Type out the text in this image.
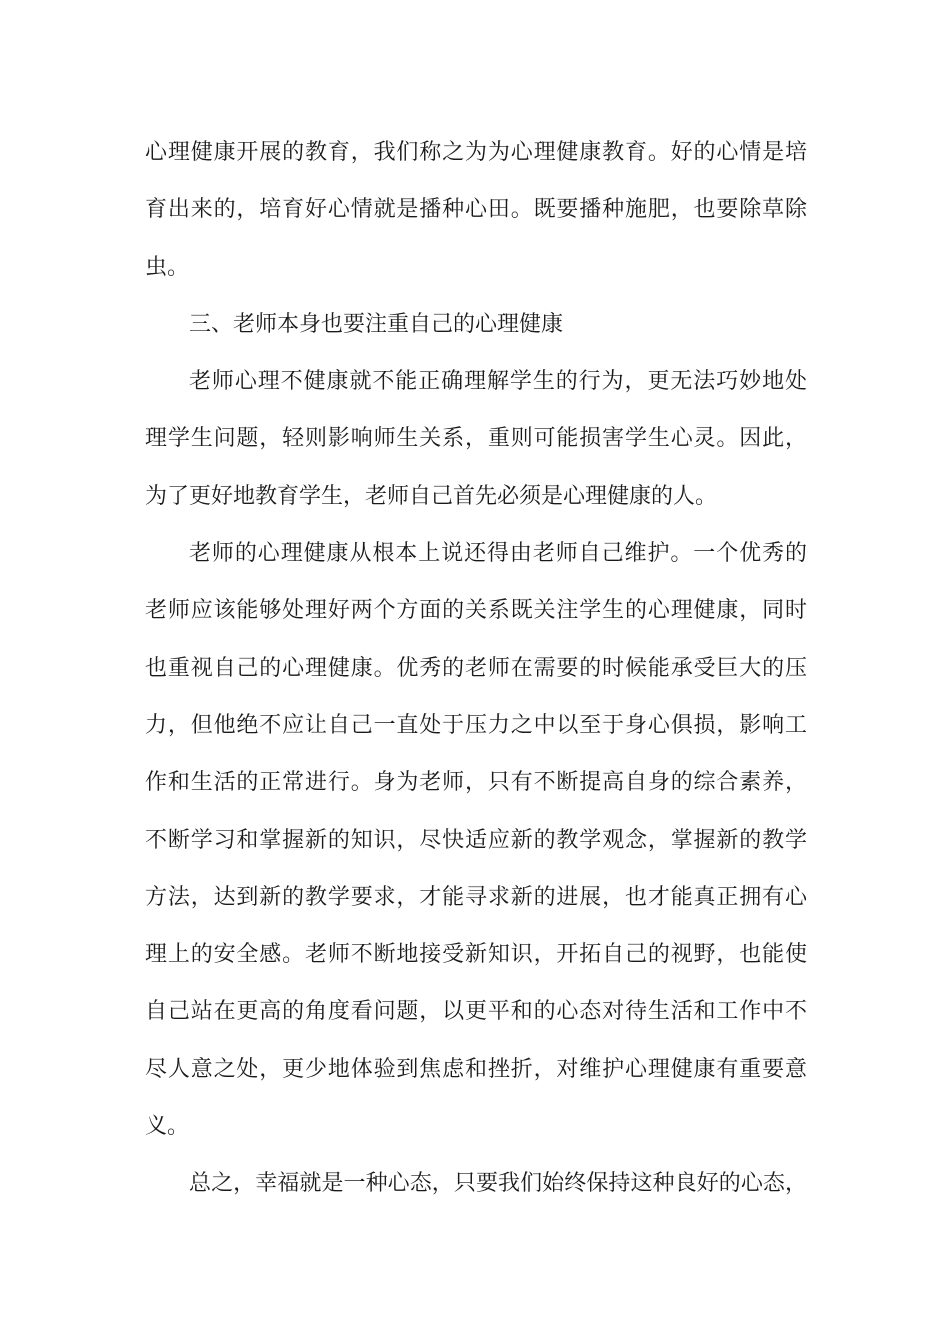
心理健康开展的教育，我们称之为为心理健康教育。好的心情是培
育出来的，培育好心情就是播种心田。既要播种施肥，也要除草除
虫。
三、老师本身也要注重自己的心理健康
老师心理不健康就不能正确理解学生的行为，更无法巧妙地处
理学生问题，轻则影响师生关系，重则可能损害学生心灵。因此，
为了更好地教育学生，老师自己首先必须是心理健康的人。
老师的心理健康从根本上说还得由老师自己维护。一个优秀的
老师应该能够处理好两个方面的关系既关注学生的心理健康，同时
也重视自己的心理健康。优秀的老师在需要的时候能承受巨大的压
力，但他绝不应让自己一直处于压力之中以至于身心俱损，影响工
作和生活的正常进行。身为老师，只有不断提高自身的综合素养，
不断学习和掌握新的知识，尽快适应新的教学观念，掌握新的教学
方法，达到新的教学要求，才能寻求新的进展，也才能真正拥有心
理上的安全感。老师不断地接受新知识，开拓自己的视野，也能使
自己站在更高的角度看问题，以更平和的心态对待生活和工作中不
尽人意之处，更少地体验到焦虑和挫折，对维护心理健康有重要意
义。
总之，幸福就是一种心态，只要我们始终保持这种良好的心态，
